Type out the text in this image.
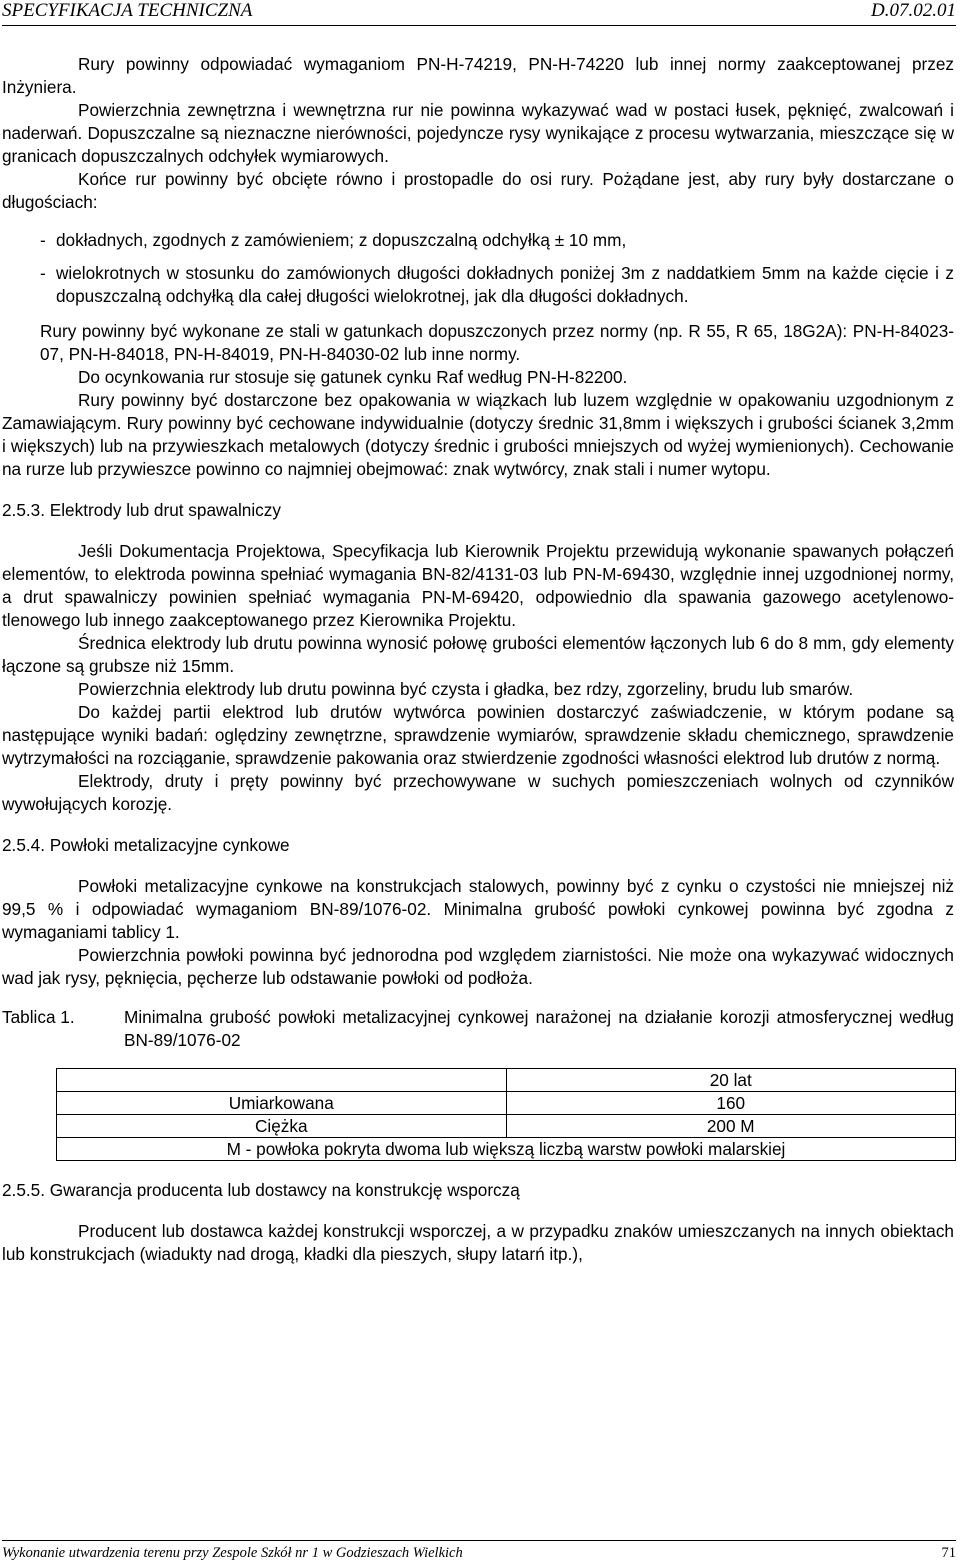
SPECYFIKACJA TECHNICZNA	D.07.02.01

Rury powinny odpowiadać wymaganiom PN-H-74219, PN-H-74220 lub innej normy zaakceptowanej przez Inżyniera.

Powierzchnia zewnętrzna i wewnętrzna rur nie powinna wykazywać wad w postaci łusek, pęknięć, zwalcowań i naderwań. Dopuszczalne są nieznaczne nierówności, pojedyncze rysy wynikające z procesu wytwarzania, mieszczące się w granicach dopuszczalnych odchyłek wymiarowych.

Końce rur powinny być obcięte równo i prostopadle do osi rury. Pożądane jest, aby rury były dostarczane o długościach:

- dokładnych, zgodnych z zamówieniem; z dopuszczalną odchyłką ± 10 mm,
- wielokrotnych w stosunku do zamówionych długości dokładnych poniżej 3m z naddatkiem 5mm na każde cięcie i z dopuszczalną odchyłką dla całej długości wielokrotnej, jak dla długości dokładnych.

Rury powinny być wykonane ze stali w gatunkach dopuszczonych przez normy (np. R 55, R 65, 18G2A): PN-H-84023-07, PN-H-84018, PN-H-84019, PN-H-84030-02 lub inne normy.

Do ocynkowania rur stosuje się gatunek cynku Raf według PN-H-82200.

Rury powinny być dostarczone bez opakowania w wiązkach lub luzem względnie w opakowaniu uzgodnionym z Zamawiającym. Rury powinny być cechowane indywidualnie (dotyczy średnic 31,8mm i większych i grubości ścianek 3,2mm i większych) lub na przywieszkach metalowych (dotyczy średnic i grubości mniejszych od wyżej wymienionych). Cechowanie na rurze lub przywieszce powinno co najmniej obejmować: znak wytwórcy, znak stali i numer wytopu.

2.5.3. Elektrody lub drut spawalniczy

Jeśli Dokumentacja Projektowa, Specyfikacja lub Kierownik Projektu przewidują wykonanie spawanych połączeń elementów, to elektroda powinna spełniać wymagania BN-82/4131-03 lub PN-M-69430, względnie innej uzgodnionej normy, a drut spawalniczy powinien spełniać wymagania PN-M-69420, odpowiednio dla spawania gazowego acetylenowo-tlenowego lub innego zaakceptowanego przez Kierownika Projektu.

Średnica elektrody lub drutu powinna wynosić połowę grubości elementów łączonych lub 6 do 8 mm, gdy elementy łączone są grubsze niż 15mm.

Powierzchnia elektrody lub drutu powinna być czysta i gładka, bez rdzy, zgorzeliny, brudu lub smarów.

Do każdej partii elektrod lub drutów wytwórca powinien dostarczyć zaświadczenie, w którym podane są następujące wyniki badań: oględziny zewnętrzne, sprawdzenie wymiarów, sprawdzenie składu chemicznego, sprawdzenie wytrzymałości na rozciąganie, sprawdzenie pakowania oraz stwierdzenie zgodności własności elektrod lub drutów z normą.

Elektrody, druty i pręty powinny być przechowywane w suchych pomieszczeniach wolnych od czynników wywołujących korozję.

2.5.4. Powłoki metalizacyjne cynkowe

Powłoki metalizacyjne cynkowe na konstrukcjach stalowych, powinny być z cynku o czystości nie mniejszej niż 99,5 % i odpowiadać wymaganiom BN-89/1076-02. Minimalna grubość powłoki cynkowej powinna być zgodna z wymaganiami tablicy 1.

Powierzchnia powłoki powinna być jednorodna pod względem ziarnistości. Nie może ona wykazywać widocznych wad jak rysy, pęknięcia, pęcherze lub odstawanie powłoki od podłoża.

Tablica 1.	Minimalna grubość powłoki metalizacyjnej cynkowej narażonej na działanie korozji atmosferycznej według BN-89/1076-02
	20 lat
Umiarkowana	160
Ciężka	200 M
M - powłoka pokryta dwoma lub większą liczbą warstw powłoki malarskiej	

2.5.5. Gwarancja producenta lub dostawcy na konstrukcję wsporczą

Producent lub dostawca każdej konstrukcji wsporczej, a w przypadku znaków umieszczanych na innych obiektach lub konstrukcjach (wiadukty nad drogą, kładki dla pieszych, słupy latarń itp.),

Wykonanie utwardzenia terenu przy Zespole Szkół nr 1 w Godzieszach Wielkich	71
